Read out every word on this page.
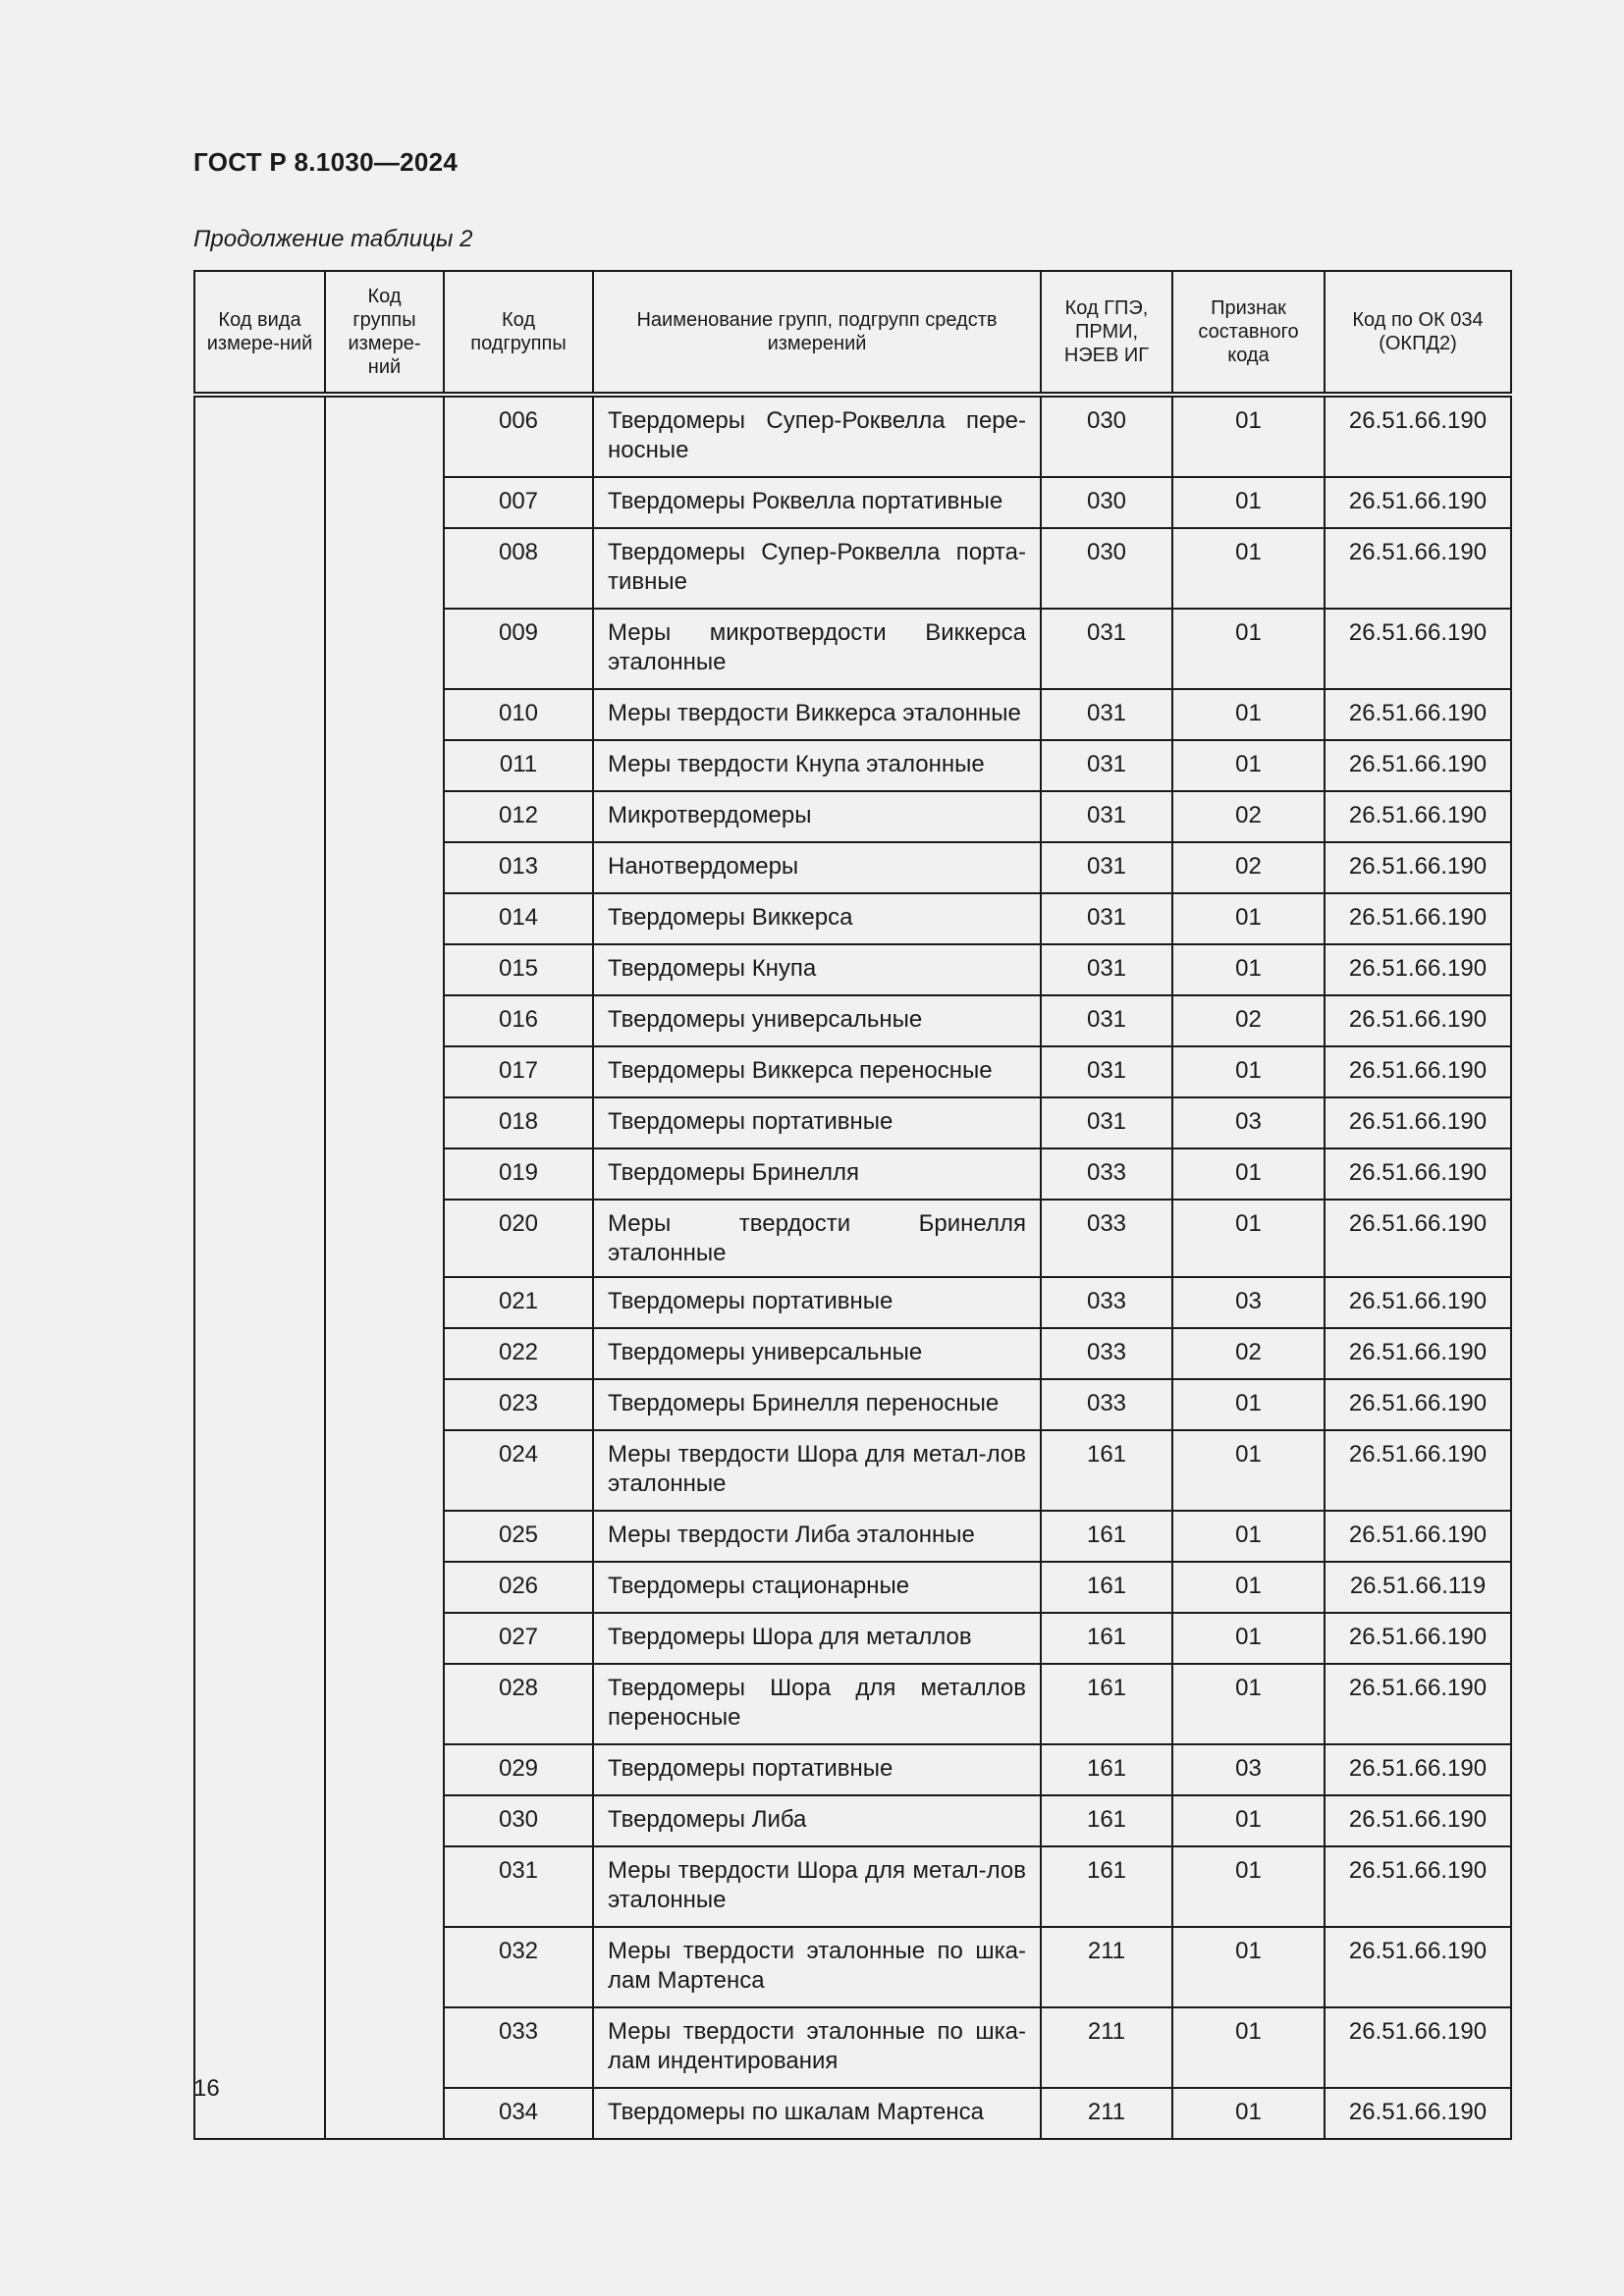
ГОСТ Р 8.1030—2024
Продолжение таблицы 2
Код вида измере-ний	Код группы измере-ний	Код подгруппы	Наименование групп, подгрупп средств измерений	Код ГПЭ, ПРМИ, НЭЕВ ИГ	Признак составного кода	Код по ОК 034 (ОКПД2)
		006	Твердомеры Супер-Роквелла пере-носные	030	01	26.51.66.190
		007	Твердомеры Роквелла портативные	030	01	26.51.66.190
		008	Твердомеры Супер-Роквелла порта-тивные	030	01	26.51.66.190
		009	Меры микротвердости Виккерса эталонные	031	01	26.51.66.190
		010	Меры твердости Виккерса эталонные	031	01	26.51.66.190
		011	Меры твердости Кнупа эталонные	031	01	26.51.66.190
		012	Микротвердомеры	031	02	26.51.66.190
		013	Нанотвердомеры	031	02	26.51.66.190
		014	Твердомеры Виккерса	031	01	26.51.66.190
		015	Твердомеры Кнупа	031	01	26.51.66.190
		016	Твердомеры универсальные	031	02	26.51.66.190
		017	Твердомеры Виккерса переносные	031	01	26.51.66.190
		018	Твердомеры портативные	031	03	26.51.66.190
		019	Твердомеры Бринелля	033	01	26.51.66.190
		020	Меры твердости Бринелля эталонные	033	01	26.51.66.190
		021	Твердомеры портативные	033	03	26.51.66.190
		022	Твердомеры универсальные	033	02	26.51.66.190
		023	Твердомеры Бринелля переносные	033	01	26.51.66.190
		024	Меры твердости Шора для метал-лов эталонные	161	01	26.51.66.190
		025	Меры твердости Либа эталонные	161	01	26.51.66.190
		026	Твердомеры стационарные	161	01	26.51.66.119
		027	Твердомеры Шора для металлов	161	01	26.51.66.190
		028	Твердомеры Шора для металлов переносные	161	01	26.51.66.190
		029	Твердомеры портативные	161	03	26.51.66.190
		030	Твердомеры Либа	161	01	26.51.66.190
		031	Меры твердости Шора для метал-лов эталонные	161	01	26.51.66.190
		032	Меры твердости эталонные по шка-лам Мартенса	211	01	26.51.66.190
		033	Меры твердости эталонные по шка-лам индентирования	211	01	26.51.66.190
		034	Твердомеры по шкалам Мартенса	211	01	26.51.66.190
16
